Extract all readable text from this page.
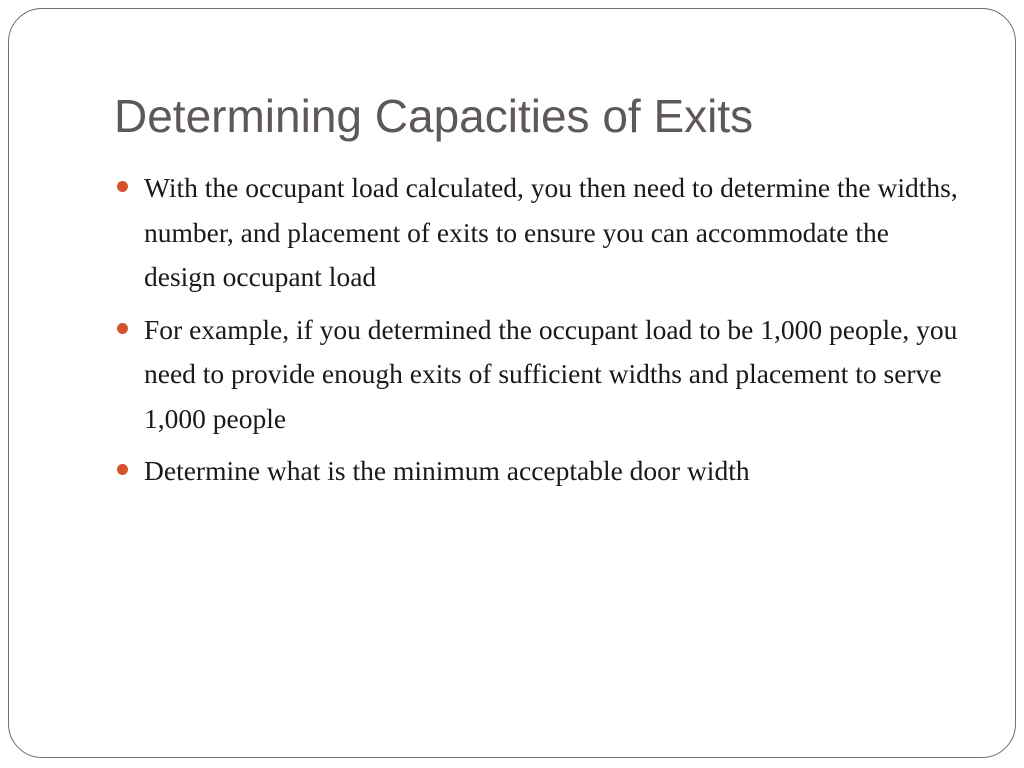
Determining Capacities of Exits
With the occupant load calculated, you then need to determine the widths, number, and placement of exits to ensure you can accommodate the design occupant load
For example, if you determined the occupant load to be 1,000 people, you need to provide enough exits of sufficient widths and placement to serve 1,000 people
Determine what is the minimum acceptable door width
